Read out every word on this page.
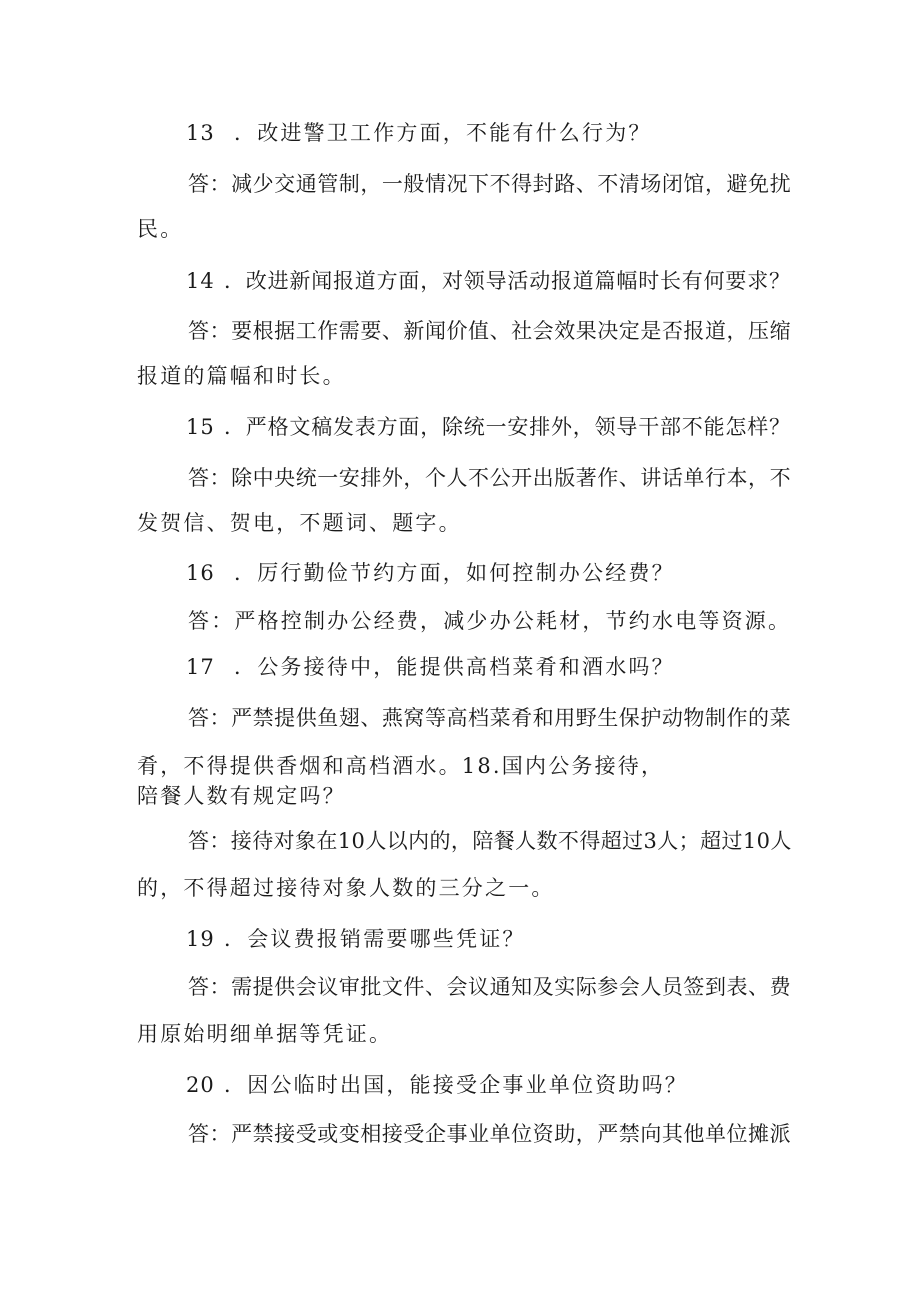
13 ．改进警卫工作方面，不能有什么行为？
答：减少交通管制，一般情况下不得封路、不清场闭馆，避免扰
民。
14 ．改进新闻报道方面，对领导活动报道篇幅时长有何要求？
答：要根据工作需要、新闻价值、社会效果决定是否报道，压缩
报道的篇幅和时长。
15 ．严格文稿发表方面，除统一安排外，领导干部不能怎样？
答：除中央统一安排外，个人不公开出版著作、讲话单行本，不
发贺信、贺电，不题词、题字。
16 ．厉行勤俭节约方面，如何控制办公经费？
答：严格控制办公经费，减少办公耗材，节约水电等资源。
17 ．公务接待中，能提供高档菜肴和酒水吗？
答：严禁提供鱼翅、燕窝等高档菜肴和用野生保护动物制作的菜
肴，不得提供香烟和高档酒水。18.国内公务接待，
陪餐人数有规定吗？
答：接待对象在10人以内的，陪餐人数不得超过3人；超过10人
的，不得超过接待对象人数的三分之一。
19 ．会议费报销需要哪些凭证？
答：需提供会议审批文件、会议通知及实际参会人员签到表、费
用原始明细单据等凭证。
20 ．因公临时出国，能接受企事业单位资助吗？
答：严禁接受或变相接受企事业单位资助，严禁向其他单位摊派
